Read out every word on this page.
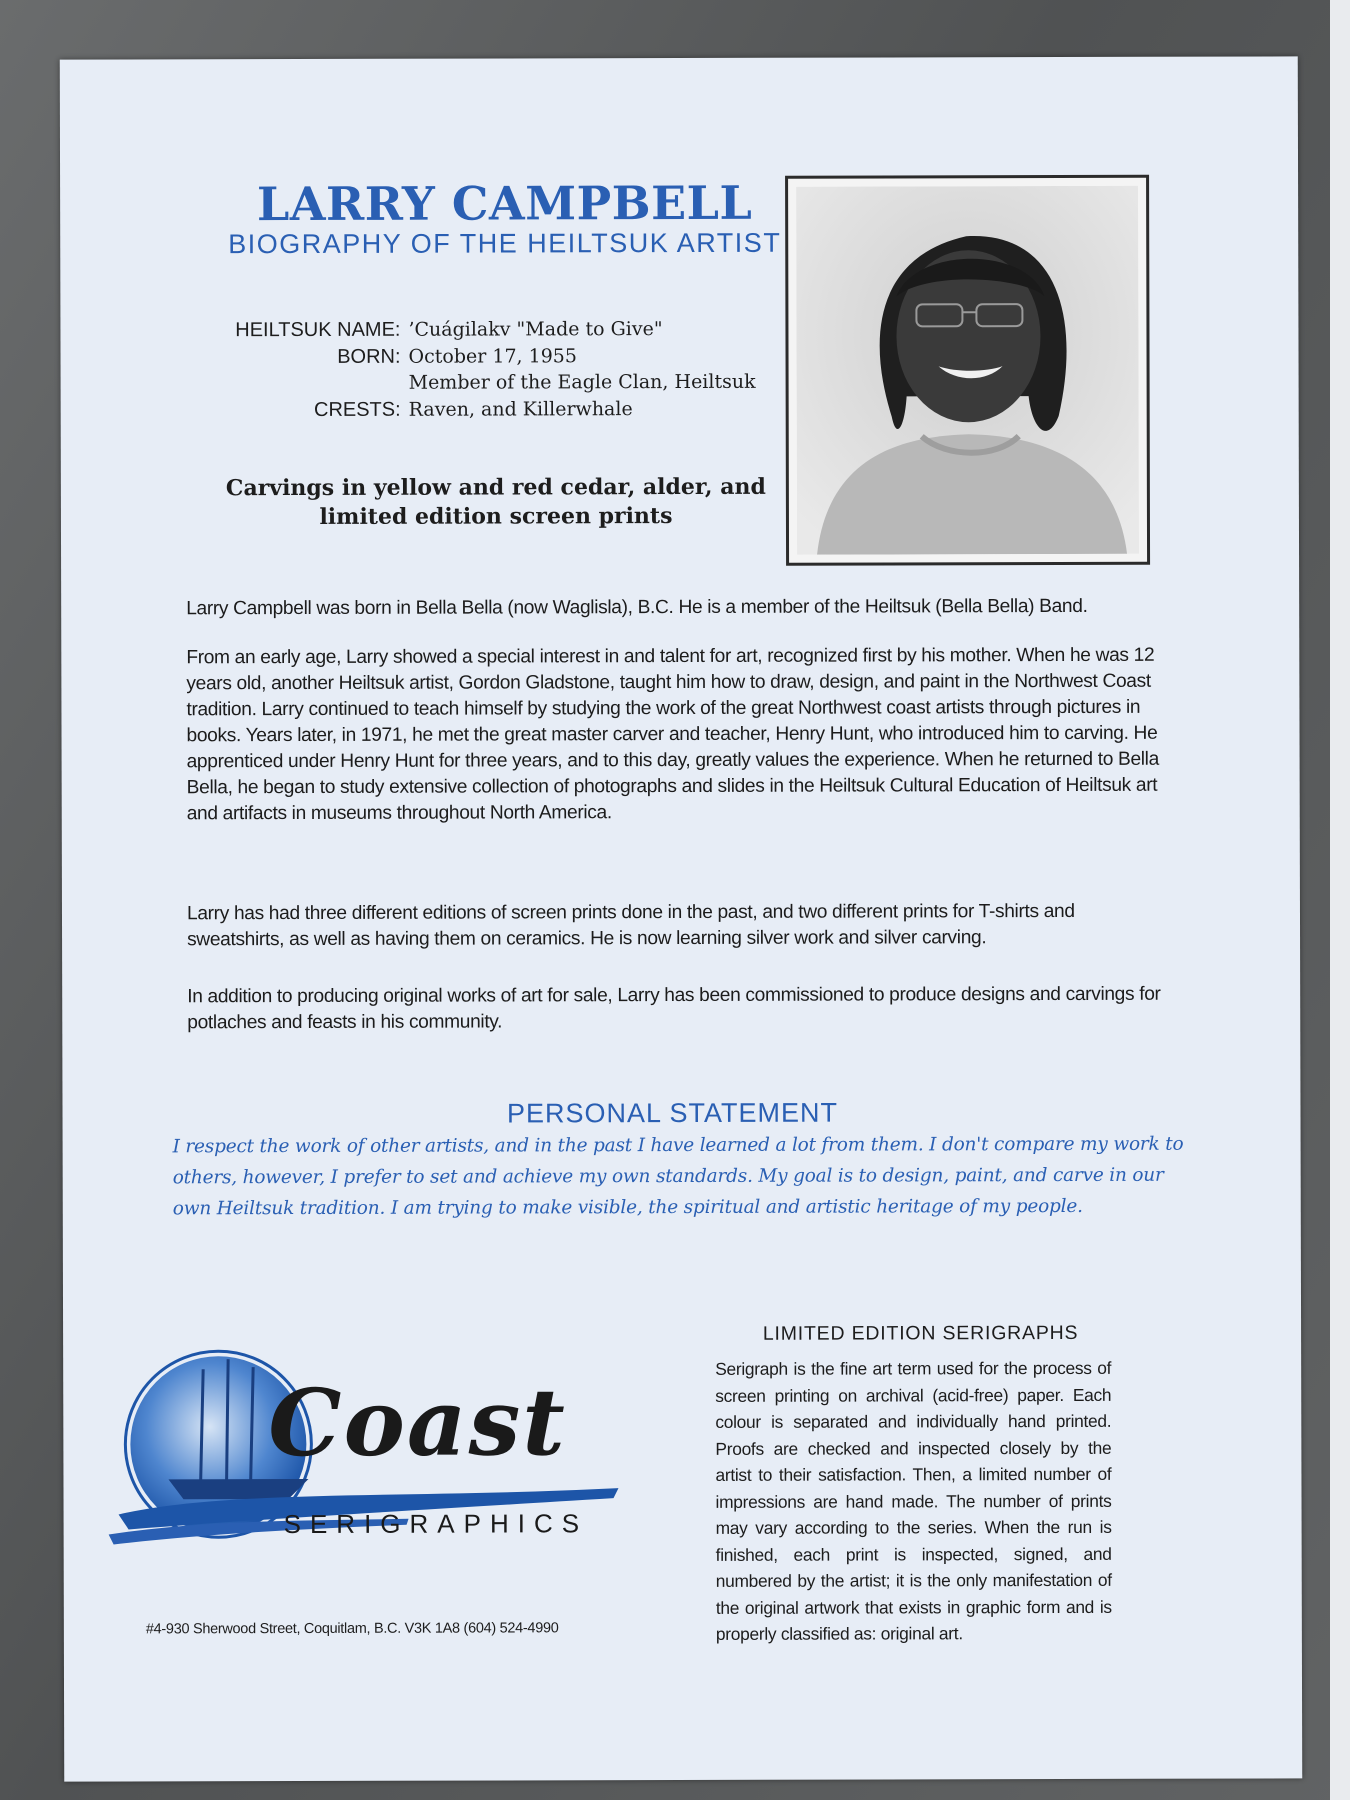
LARRY CAMPBELL
BIOGRAPHY OF THE HEILTSUK ARTIST
HEILTSUK NAME: ’Cuágilakv "Made to Give"
BORN: October 17, 1955
Member of the Eagle Clan, Heiltsuk
CRESTS: Raven, and Killerwhale
Carvings in yellow and red cedar, alder, and
limited edition screen prints
Larry Campbell was born in Bella Bella (now Waglisla), B.C. He is a member of the Heiltsuk (Bella Bella) Band.
From an early age, Larry showed a special interest in and talent for art, recognized first by his mother. When he was 12 years old, another Heiltsuk artist, Gordon Gladstone, taught him how to draw, design, and paint in the Northwest Coast tradition. Larry continued to teach himself by studying the work of the great Northwest coast artists through pictures in books. Years later, in 1971, he met the great master carver and teacher, Henry Hunt, who introduced him to carving. He apprenticed under Henry Hunt for three years, and to this day, greatly values the experience. When he returned to Bella Bella, he began to study extensive collection of photographs and slides in the Heiltsuk Cultural Education of Heiltsuk art and artifacts in museums throughout North America.
Larry has had three different editions of screen prints done in the past, and two different prints for T-shirts and sweatshirts, as well as having them on ceramics. He is now learning silver work and silver carving.
In addition to producing original works of art for sale, Larry has been commissioned to produce designs and carvings for potlaches and feasts in his community.
PERSONAL STATEMENT
I respect the work of other artists, and in the past I have learned a lot from them. I don't compare my work to others, however, I prefer to set and achieve my own standards. My goal is to design, paint, and carve in our own Heiltsuk tradition. I am trying to make visible, the spiritual and artistic heritage of my people.
LIMITED EDITION SERIGRAPHS
Serigraph is the fine art term used for the process of screen printing on archival (acid-free) paper. Each colour is separated and individually hand printed. Proofs are checked and inspected closely by the artist to their satisfaction. Then, a limited number of impressions are hand made. The number of prints may vary according to the series. When the run is finished, each print is inspected, signed, and numbered by the artist; it is the only manifestation of the original artwork that exists in graphic form and is properly classified as: original art.
Coast
SERIGRAPHICS
#4-930 Sherwood Street, Coquitlam, B.C. V3K 1A8 (604) 524-4990
